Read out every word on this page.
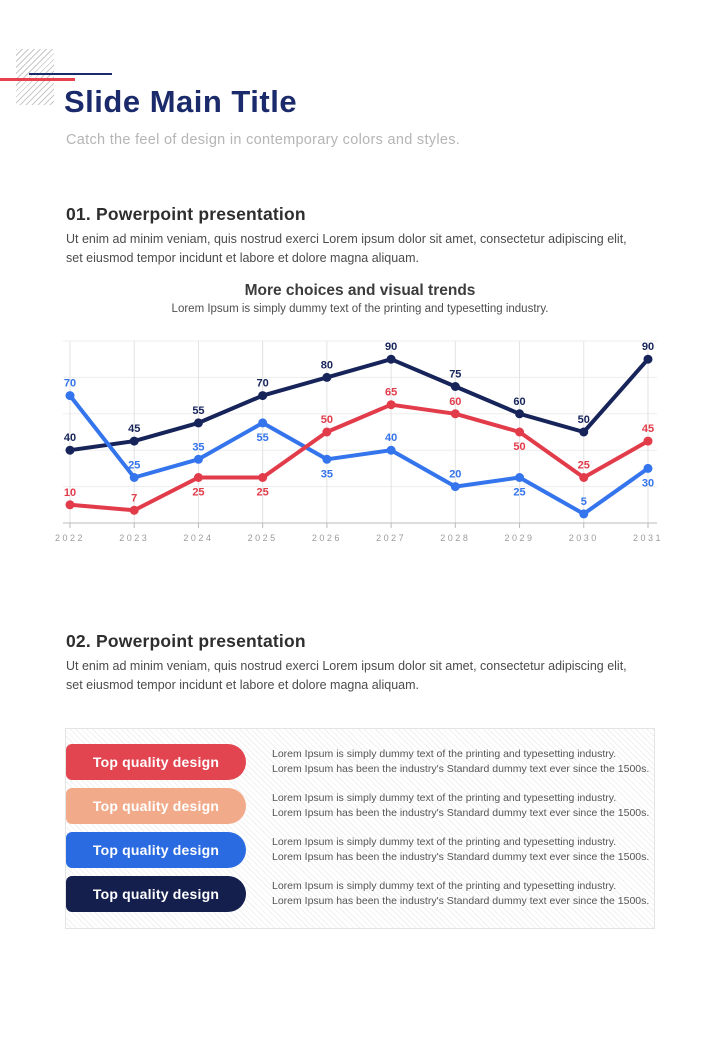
Slide Main Title

Catch the feel of design in contemporary colors and styles.

01. Powerpoint presentation

Ut enim ad minim veniam, quis nostrud exerci Lorem ipsum dolor sit amet, consectetur adipiscing elit, set eiusmod tempor incidunt et labore et dolore magna aliquam.

More choices and visual trends
Lorem Ipsum is simply dummy text of the printing and typesetting industry.
2022	2023	2024	2025	2026	2027	2028	2029	2030	2031
40
45
55
70
80
90
75
60
50
90
70
25
35
55
35
40
20
25
5
30
10	7	25	25
50
65
60
50
25
45
02. Powerpoint presentation

Ut enim ad minim veniam, quis nostrud exerci Lorem ipsum dolor sit amet, consectetur adipiscing elit, set eiusmod tempor incidunt et labore et dolore magna aliquam.

Top quality design	Lorem Ipsum is simply dummy text of the printing and typesetting industry.
Lorem Ipsum has been the industry's Standard dummy text ever since the 1500s.
Top quality design	Lorem Ipsum is simply dummy text of the printing and typesetting industry.
Lorem Ipsum has been the industry's Standard dummy text ever since the 1500s.
Top quality design	Lorem Ipsum is simply dummy text of the printing and typesetting industry.
Lorem Ipsum has been the industry's Standard dummy text ever since the 1500s.
Top quality design	Lorem Ipsum is simply dummy text of the printing and typesetting industry.
Lorem Ipsum has been the industry's Standard dummy text ever since the 1500s.
